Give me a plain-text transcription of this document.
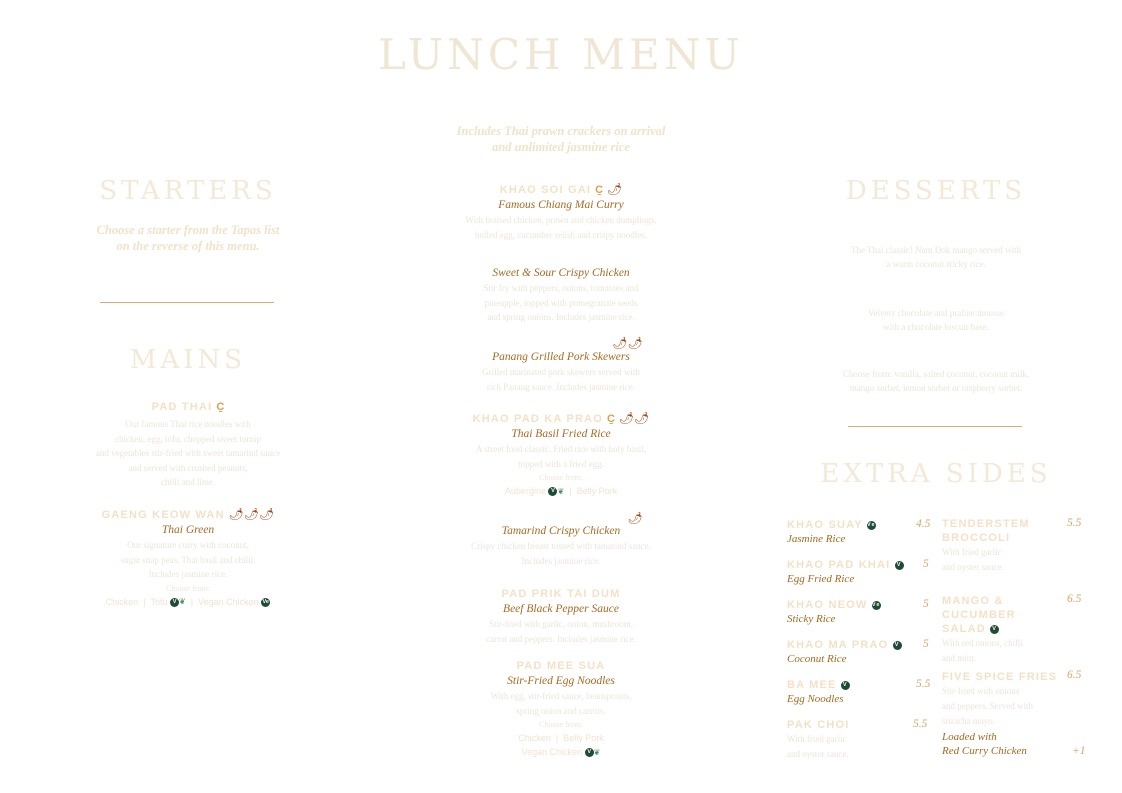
LUNCH MENU
Includes Thai prawn crackers on arrival
and unlimited jasmine rice
STARTERS
Choose a starter from the Tapas list
on the reverse of this menu.
MAINS
PAD THAI C̱
Our famous Thai rice noodles with
chicken, egg, tofu, chopped sweet turnip
and vegetables stir-fried with sweet tamarind sauce
and served with crushed peanuts,
chilli and lime.
GAENG KEOW WAN 🌶🌶🌶
Thai Green
Our signature curry with coconut,
sugar snap peas, Thai basil and chilli.
Includes jasmine rice.
Choose from:
Chicken | Tofu V ❦ | Vegan Chicken Ve
KHAO SOI GAI C̱ 🌶
Famous Chiang Mai Curry
With braised chicken, prawn and chicken dumplings,
boiled egg, cucumber relish and crispy noodles.
Sweet & Sour Crispy Chicken
Stir fry with peppers, onions, tomatoes and
pineapple, topped with pomegranate seeds
and spring onions. Includes jasmine rice.
🌶🌶
Panang Grilled Pork Skewers
Grilled marinated pork skewers served with
rich Panang sauce. Includes jasmine rice.
KHAO PAD KA PRAO C̱ 🌶🌶
Thai Basil Fried Rice
A street food classic. Fried rice with holy basil,
topped with a fried egg.
Choose from:
Aubergine V ❦ | Belly Pork
🌶
Tamarind Crispy Chicken
Crispy chicken breast tossed with tamarind sauce.
Includes jasmine rice.
PAD PRIK TAI DUM
Beef Black Pepper Sauce
Stir-fried with garlic, onion, mushroom,
carrot and peppers. Includes jasmine rice.
PAD MEE SUA
Stir-Fried Egg Noodles
With egg, stir-fried sauce, beansprouts,
spring onion and carrots.
Choose from:
Chicken | Belly Pork
Vegan Chicken V ❦
DESSERTS
The Thai classic! Nam Dok mango served with
a warm coconut sticky rice.
Velvety chocolate and praline mousse
with a chocolate biscuit base.
Choose from: vanilla, salted coconut, coconut milk,
mango sorbet, lemon sorbet or raspberry sorbet.
EXTRA SIDES
KHAO SUAY Ve
Jasmine Rice
4.5
KHAO PAD KHAI V
Egg Fried Rice
5
KHAO NEOW Ve
Sticky Rice
5
KHAO MA PRAO V
Coconut Rice
5
BA MEE V
Egg Noodles
5.5
PAK CHOI
With fried garlic
and oyster sauce.
5.5
TENDERSTEM
BROCCOLI
With fried garlic
and oyster sauce.
5.5
MANGO & CUCUMBER
SALAD V
With red onions, chilli
and mint.
6.5
FIVE SPICE FRIES
Stir-fried with onions
and peppers. Served with
sriracha mayo.
6.5
Loaded with
Red Curry Chicken	+1
